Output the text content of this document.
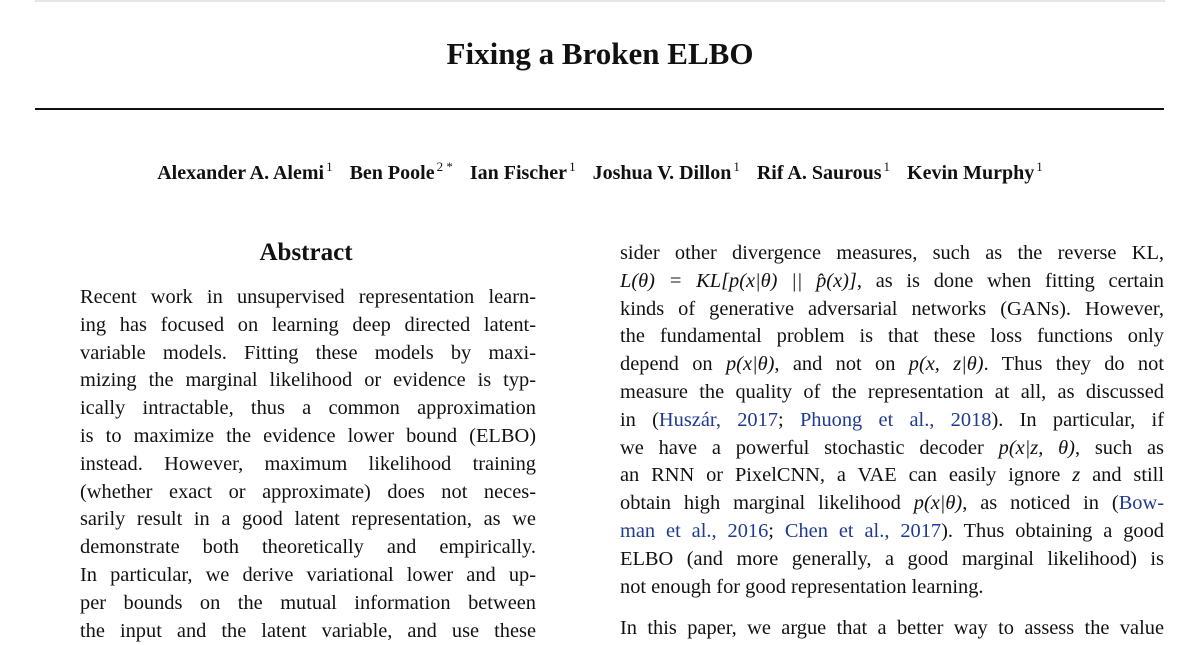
Fixing a Broken ELBO
Alexander A. Alemi $^1$ Ben Poole $^{2 *}$ Ian Fischer $^1$ Joshua V. Dillon $^1$ Rif A. Saurous $^1$ Kevin Murphy $^1$
Abstract
Recent work in unsupervised representation learn-
ing has focused on learning deep directed latent-
variable models. Fitting these models by maxi-
mizing the marginal likelihood or evidence is typ-
ically intractable, thus a common approximation
is to maximize the evidence lower bound (ELBO)
instead. However, maximum likelihood training
(whether exact or approximate) does not neces-
sarily result in a good latent representation, as we
demonstrate both theoretically and empirically.
In particular, we derive variational lower and up-
per bounds on the mutual information between
the input and the latent variable, and use these
sider other divergence measures, such as the reverse KL,
L(θ) = KL[p(x|θ) || p̂(x)], as is done when fitting certain
kinds of generative adversarial networks (GANs). However,
the fundamental problem is that these loss functions only
depend on p(x|θ), and not on p(x, z|θ). Thus they do not
measure the quality of the representation at all, as discussed
in (Huszár, 2017; Phuong et al., 2018). In particular, if
we have a powerful stochastic decoder p(x|z, θ), such as
an RNN or PixelCNN, a VAE can easily ignore z and still
obtain high marginal likelihood p(x|θ), as noticed in (Bow-
man et al., 2016; Chen et al., 2017). Thus obtaining a good
ELBO (and more generally, a good marginal likelihood) is
not enough for good representation learning.
In this paper, we argue that a better way to assess the value
